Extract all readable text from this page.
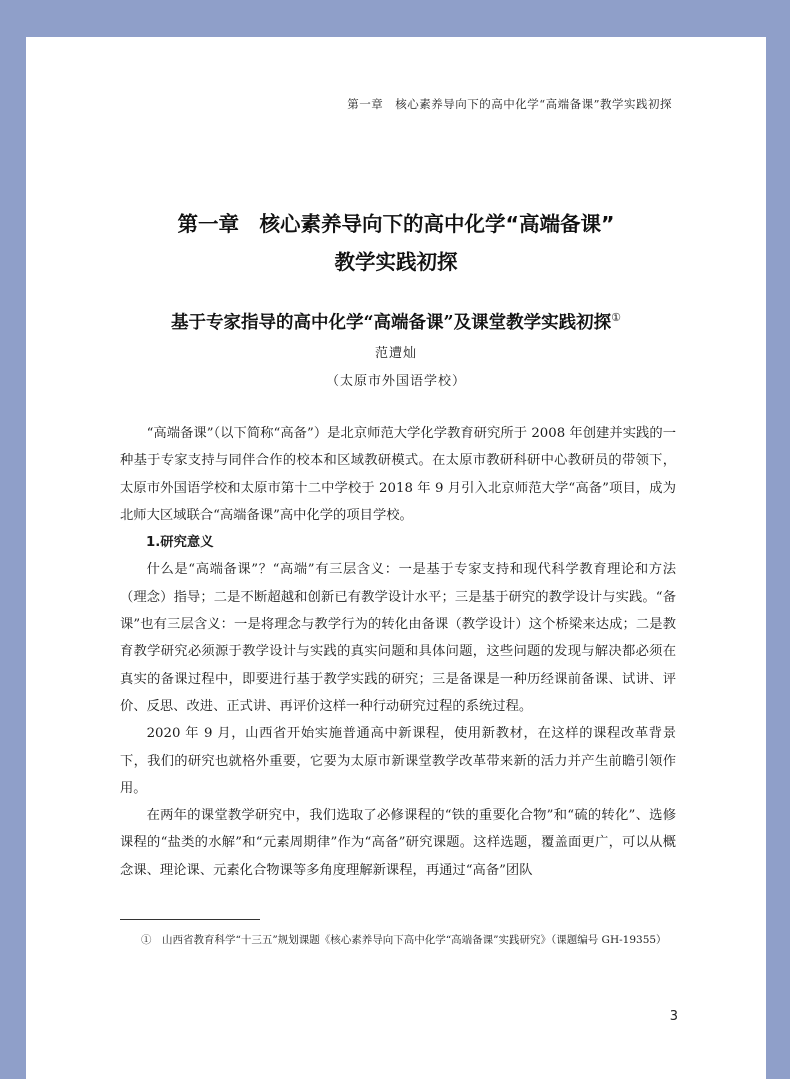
第一章　核心素养导向下的高中化学“高端备课”教学实践初探
第一章　核心素养导向下的高中化学“高端备课”
教学实践初探
基于专家指导的高中化学“高端备课”及课堂教学实践初探①
范遭灿
（太原市外国语学校）

“高端备课”（以下简称“高备”）是北京师范大学化学教育研究所于 2008 年创建并实践的一种基于专家支持与同伴合作的校本和区域教研模式。在太原市教研科研中心教研员的带领下，太原市外国语学校和太原市第十二中学校于 2018 年 9 月引入北京师范大学“高备”项目，成为北师大区域联合“高端备课”高中化学的项目学校。

1.研究意义

什么是“高端备课”？“高端”有三层含义：一是基于专家支持和现代科学教育理论和方法（理念）指导；二是不断超越和创新已有教学设计水平；三是基于研究的教学设计与实践。“备课”也有三层含义：一是将理念与教学行为的转化由备课（教学设计）这个桥梁来达成；二是教育教学研究必须源于教学设计与实践的真实问题和具体问题，这些问题的发现与解决都必须在真实的备课过程中，即要进行基于教学实践的研究；三是备课是一种历经课前备课、试讲、评价、反思、改进、正式讲、再评价这样一种行动研究过程的系统过程。

2020 年 9 月，山西省开始实施普通高中新课程，使用新教材，在这样的课程改革背景下，我们的研究也就格外重要，它要为太原市新课堂教学改革带来新的活力并产生前瞻引领作用。

在两年的课堂教学研究中，我们选取了必修课程的“铁的重要化合物”和“硫的转化”、选修课程的“盐类的水解”和“元素周期律”作为“高备”研究课题。这样选题，覆盖面更广，可以从概念课、理论课、元素化合物课等多角度理解新课程，再通过“高备”团队

①　山西省教育科学“十三五”规划课题《核心素养导向下高中化学“高端备课”实践研究》（课题编号 GH-19355）
3
